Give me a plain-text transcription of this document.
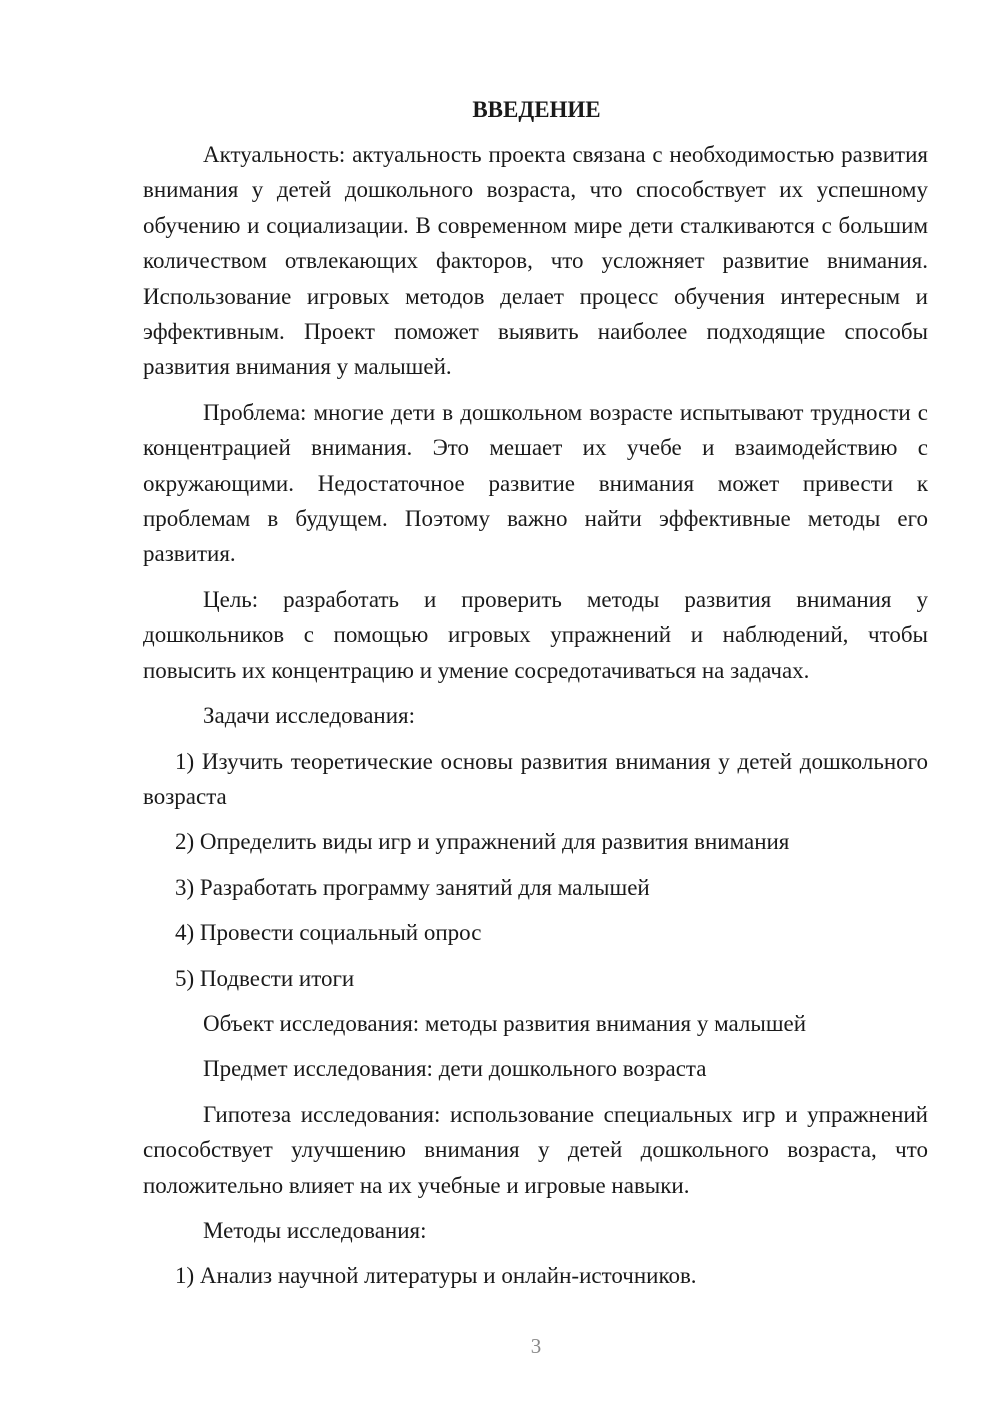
ВВЕДЕНИЕ

Актуальность: актуальность проекта связана с необходимостью развития внимания у детей дошкольного возраста, что способствует их успешному обучению и социализации. В современном мире дети сталкиваются с большим количеством отвлекающих факторов, что усложняет развитие внимания. Использование игровых методов делает процесс обучения интересным и эффективным. Проект поможет выявить наиболее подходящие способы развития внимания у малышей.

Проблема: многие дети в дошкольном возрасте испытывают трудности с концентрацией внимания. Это мешает их учебе и взаимодействию с окружающими. Недостаточное развитие внимания может привести к проблемам в будущем. Поэтому важно найти эффективные методы его развития.

Цель: разработать и проверить методы развития внимания у дошкольников с помощью игровых упражнений и наблюдений, чтобы повысить их концентрацию и умение сосредотачиваться на задачах.

Задачи исследования:

1) Изучить теоретические основы развития внимания у детей дошкольного возраста

2) Определить виды игр и упражнений для развития внимания

3) Разработать программу занятий для малышей

4) Провести социальный опрос

5) Подвести итоги

Объект исследования: методы развития внимания у малышей

Предмет исследования: дети дошкольного возраста

Гипотеза исследования: использование специальных игр и упражнений способствует улучшению внимания у детей дошкольного возраста, что положительно влияет на их учебные и игровые навыки.

Методы исследования:

1) Анализ научной литературы и онлайн-источников.

3
